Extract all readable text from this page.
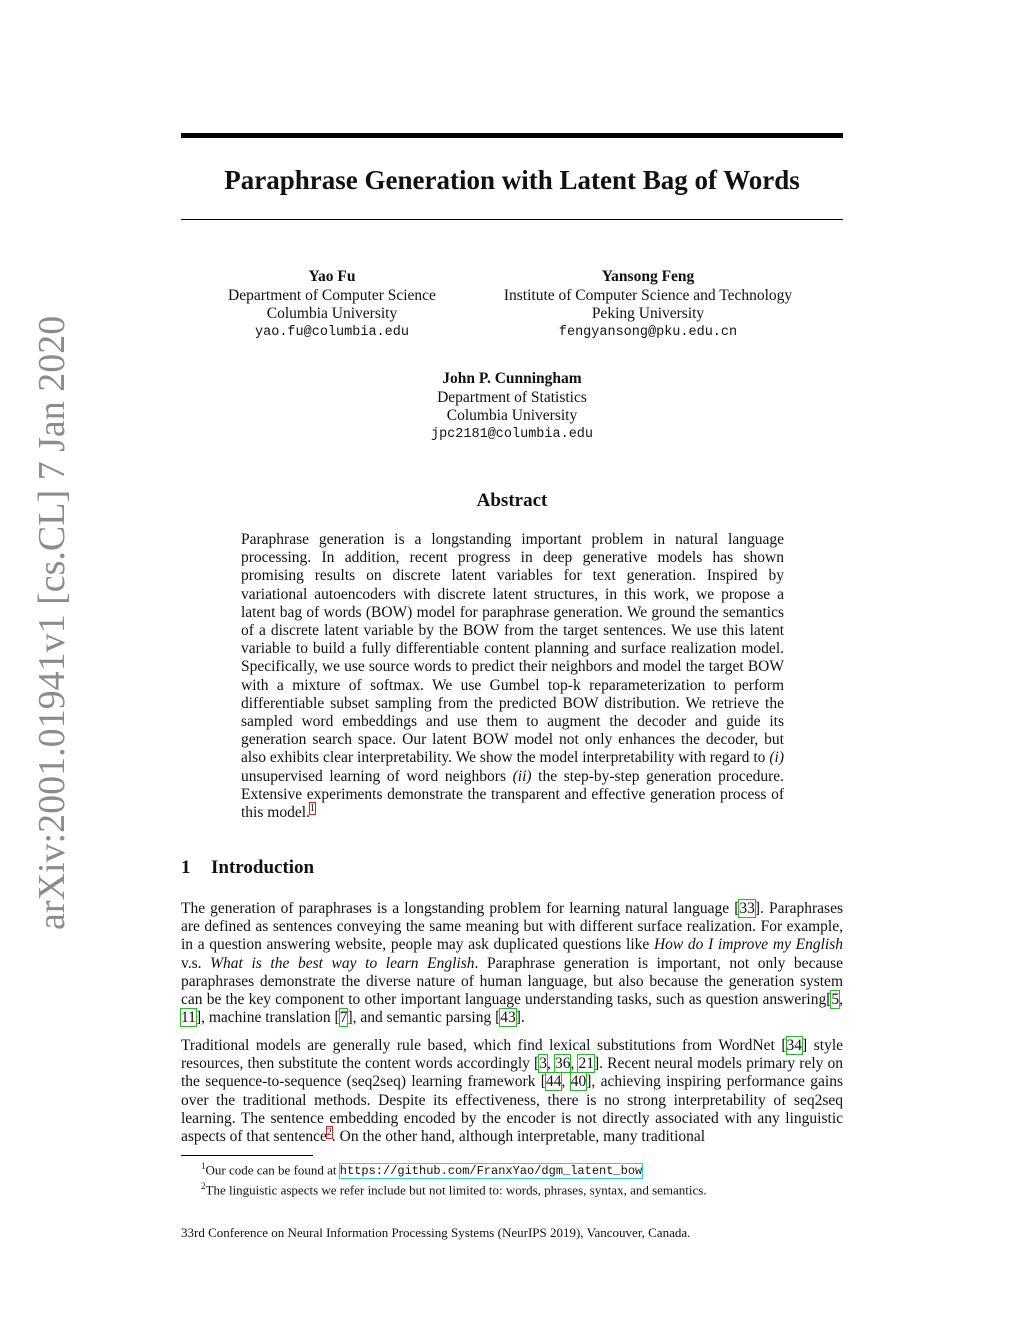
arXiv:2001.01941v1 [cs.CL] 7 Jan 2020
Paraphrase Generation with Latent Bag of Words
Yao Fu
Department of Computer Science
Columbia University
yao.fu@columbia.edu
Yansong Feng
Institute of Computer Science and Technology
Peking University
fengyansong@pku.edu.cn
John P. Cunningham
Department of Statistics
Columbia University
jpc2181@columbia.edu
Abstract
Paraphrase generation is a longstanding important problem in natural language processing. In addition, recent progress in deep generative models has shown promising results on discrete latent variables for text generation. Inspired by variational autoencoders with discrete latent structures, in this work, we propose a latent bag of words (BOW) model for paraphrase generation. We ground the semantics of a discrete latent variable by the BOW from the target sentences. We use this latent variable to build a fully differentiable content planning and surface realization model. Specifically, we use source words to predict their neighbors and model the target BOW with a mixture of softmax. We use Gumbel top-k reparameterization to perform differentiable subset sampling from the predicted BOW distribution. We retrieve the sampled word embeddings and use them to augment the decoder and guide its generation search space. Our latent BOW model not only enhances the decoder, but also exhibits clear interpretability. We show the model interpretability with regard to (i) unsupervised learning of word neighbors (ii) the step-by-step generation procedure. Extensive experiments demonstrate the transparent and effective generation process of this model.$^1$
1 Introduction
The generation of paraphrases is a longstanding problem for learning natural language [33]. Paraphrases are defined as sentences conveying the same meaning but with different surface realization. For example, in a question answering website, people may ask duplicated questions like How do I improve my English v.s. What is the best way to learn English. Paraphrase generation is important, not only because paraphrases demonstrate the diverse nature of human language, but also because the generation system can be the key component to other important language understanding tasks, such as question answering[5, 11], machine translation [7], and semantic parsing [43].
Traditional models are generally rule based, which find lexical substitutions from WordNet [34] style resources, then substitute the content words accordingly [3, 36, 21]. Recent neural models primary rely on the sequence-to-sequence (seq2seq) learning framework [44, 40], achieving inspiring performance gains over the traditional methods. Despite its effectiveness, there is no strong interpretability of seq2seq learning. The sentence embedding encoded by the encoder is not directly associated with any linguistic aspects of that sentence$^2$. On the other hand, although interpretable, many traditional
$^1$Our code can be found at https://github.com/FranxYao/dgm_latent_bow
$^2$The linguistic aspects we refer include but not limited to: words, phrases, syntax, and semantics.
33rd Conference on Neural Information Processing Systems (NeurIPS 2019), Vancouver, Canada.
